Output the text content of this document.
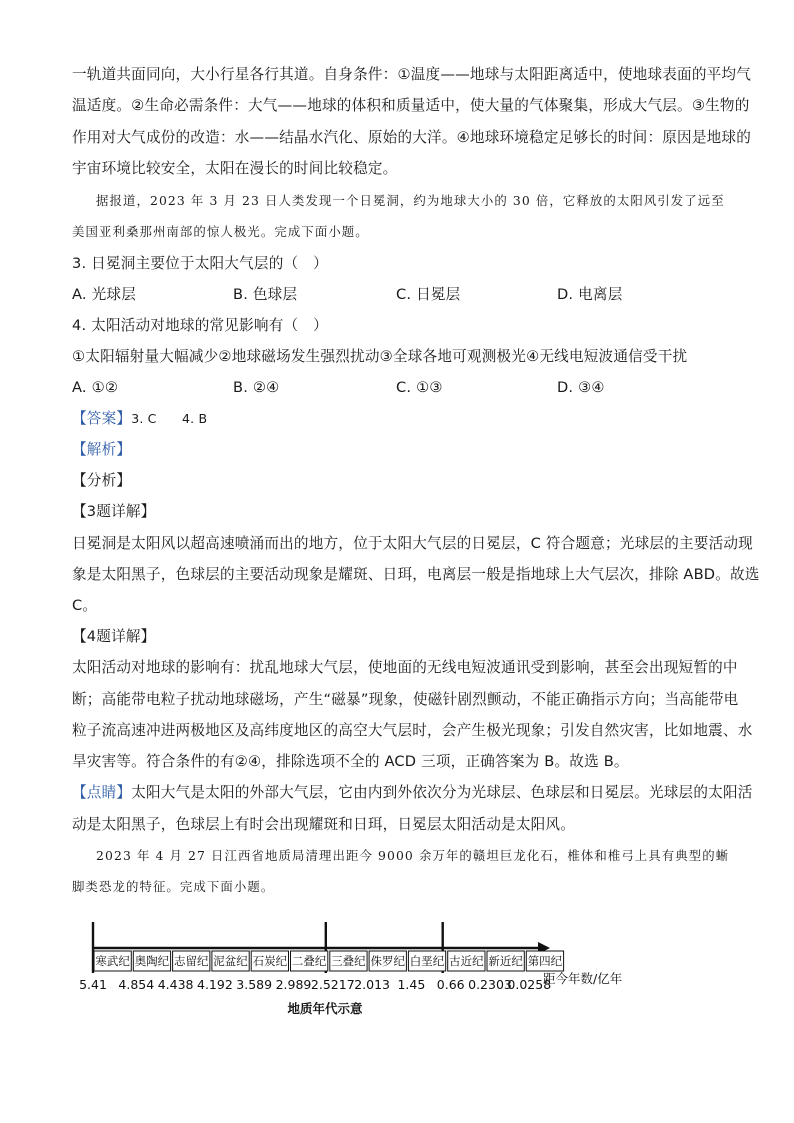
一轨道共面同向，大小行星各行其道。自身条件：①温度——地球与太阳距离适中，使地球表面的平均气
温适度。②生命必需条件：大气——地球的体积和质量适中，使大量的气体聚集，形成大气层。③生物的
作用对大气成份的改造：水——结晶水汽化、原始的大洋。④地球环境稳定足够长的时间：原因是地球的
宇宙环境比较安全，太阳在漫长的时间比较稳定。
据报道，2023 年 3 月 23 日人类发现一个日冕洞，约为地球大小的 30 倍，它释放的太阳风引发了远至
美国亚利桑那州南部的惊人极光。完成下面小题。
3. 日冕洞主要位于太阳大气层的（　）
A. 光球层	B. 色球层	C. 日冕层	D. 电离层
4. 太阳活动对地球的常见影响有（　）
①太阳辐射量大幅减少②地球磁场发生强烈扰动③全球各地可观测极光④无线电短波通信受干扰
A. ①②	B. ②④	C. ①③	D. ③④
【答案】3. C　　4. B
【解析】
【分析】
【3题详解】
日冕洞是太阳风以超高速喷涌而出的地方，位于太阳大气层的日冕层，C 符合题意；光球层的主要活动现
象是太阳黑子，色球层的主要活动现象是耀斑、日珥，电离层一般是指地球上大气层次，排除 ABD。故选
C。
【4题详解】
太阳活动对地球的影响有：扰乱地球大气层，使地面的无线电短波通讯受到影响，甚至会出现短暂的中
断；高能带电粒子扰动地球磁场，产生“磁暴”现象，使磁针剧烈颤动，不能正确指示方向；当高能带电
粒子流高速冲进两极地区及高纬度地区的高空大气层时，会产生极光现象；引发自然灾害，比如地震、水
旱灾害等。符合条件的有②④，排除选项不全的 ACD 三项，正确答案为 B。故选 B。
【点睛】太阳大气是太阳的外部大气层，它由内到外依次分为光球层、色球层和日冕层。光球层的太阳活
动是太阳黑子，色球层上有时会出现耀斑和日珥，日冕层太阳活动是太阳风。
2023 年 4 月 27 日江西省地质局清理出距今 9000 余万年的赣坦巨龙化石，椎体和椎弓上具有典型的蜥
脚类恐龙的特征。完成下面小题。
寒武纪 奥陶纪 志留纪 泥盆纪 石炭纪 二叠纪 三叠纪 侏罗纪 白垩纪 古近纪 新近纪 第四纪
5.41 4.854 4.438 4.192 3.589 2.989 2.5217 2.013 1.45 0.66 0.2303
0.0258
距今年数/亿年
地质年代示意
